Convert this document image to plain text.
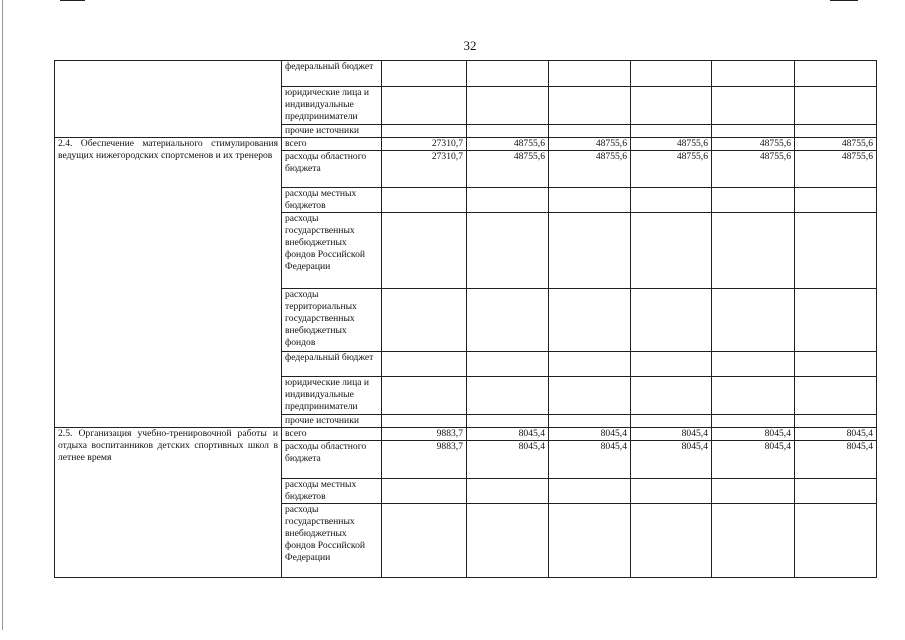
32
	федеральный бюджет						
	юридические лица и индивидуальные предприниматели						
	прочие источники						
2.4. Обеспечение материального стимулирования ведущих нижегородских спортсменов и их тренеров	всего	27310,7	48755,6	48755,6	48755,6	48755,6	48755,6
	расходы областного бюджета	27310,7	48755,6	48755,6	48755,6	48755,6	48755,6
	расходы местных бюджетов						
	расходы государственных внебюджетных фондов Российской Федерации						
	расходы территориальных государственных внебюджетных фондов						
	федеральный бюджет						
	юридические лица и индивидуальные предприниматели						
	прочие источники						
2.5. Организация учебно-тренировочной работы и отдыха воспитанников детских спортивных школ в летнее время	всего	9883,7	8045,4	8045,4	8045,4	8045,4	8045,4
	расходы областного бюджета	9883,7	8045,4	8045,4	8045,4	8045,4	8045,4
	расходы местных бюджетов						
	расходы государственных внебюджетных фондов Российской Федерации						
